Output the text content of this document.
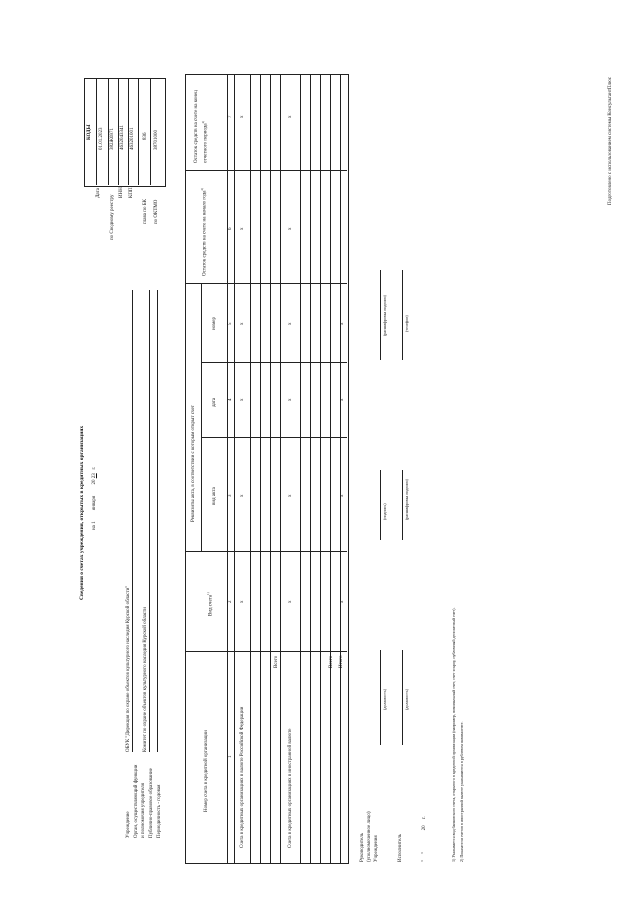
Подготовлено с использованием системы КонсультантПлюс
Сведения о счетах учреждения, открытых в кредитных организациях на 1         января         20 23   г.
Учреждение Орган, осуществляющий функции и полномочия учредителя Публично-правовое образование Периодичность - годовая
ОБУК "Дирекция по охране объектов культурного наследия Курской области" Комитет по охране объектов культурного наследия Курской области
КОДЫ
Дата
01.01.2023
по Сводному реестру
382Ж6971
ИНН
4632043341
КПП
463201001
глава по БК
836
по ОКТМО
38701000
Номер счета в кредитной организации
Вид счета$^{1)}$
Реквизиты акта, в соответствии с которым открыт счет	вид акта
дата
номер
Остаток средств на счете на начало года$^{2)}$
Остаток средств на счете на конец отчетного периода$^{2)}$
1
2
3
4
5
6
7
Счета в кредитных организациях в валюте Российской Федерации
x
x
x
x
x
x
Всего
Счета в кредитных организациях в иностранной валюте
x
x
x
x
x
x
Всего Итого
x
x
x
x
Руководитель (уполномоченное лицо) Учреждения
(должность)
(подпись)
(расшифровка подписи)
Исполнитель
(должность)
(расшифровка подписи)
(телефон)
"     "                 20     г.	1) Указывается вид банковского счета, открытого в кредитной организации (например, номинальный счет, счет эскроу, публичный депозитный счет). 2) Показатели счетов в иностранной валюте указываются в рублевом эквиваленте.
